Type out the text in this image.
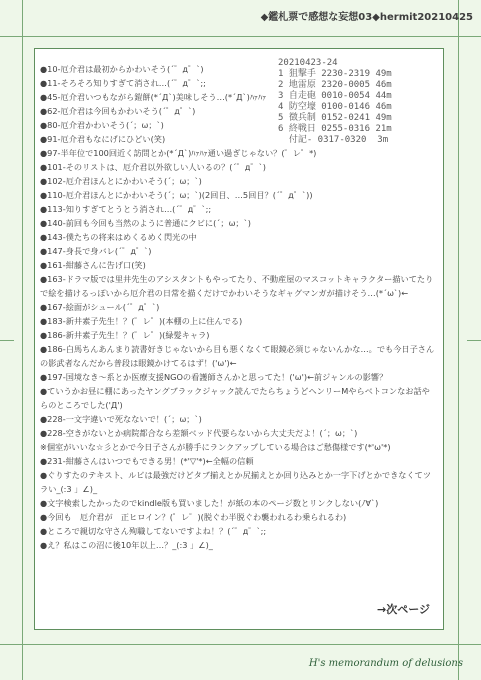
◆鑑札票で感想な妄想03◆hermit20210425
20210423-24
1 狙撃手 2230-2319 49m
2 地雷原 2320-0005 46m
3 自走砲 0010-0054 44m
4 防空壕 0100-0146 46m
5 徴兵制 0152-0241 49m
6 終戦日 0255-0316 21m
付記- 0317-0320  3m
●10-厄介君は最初からかわいそう(´゜д゜`)
●11-そろそろ知りすぎて消され…(´゜д゜`;;
●45-厄介君いつもながら鎧餅(*´Д`)美味しそう…(*´Д`)ﾊｧﾊｧ
●62-厄介君は今回もかわいそう(´゜д゜`)
●80-厄介君かわいそう(´；ω；`)
●91-厄介君もなにげにひどい(笑)
●97-半年位で100回近く訪問とか(*´Д`)ﾊｧﾊｧ通い過ぎじゃない？(゜レ゜*)
●101-そのリストは、厄介君以外欲しい人いるの？(´゜д゜`)
●102-厄介君ほんとにかわいそう(´；ω；`)
●110-厄介君ほんとにかわいそう(´；ω；`)(2回目、…5回目？(´゜д゜`))
●113-知りすぎてとうとう消され…(´゜д゜`;;
●140-前回も今回も当然のように普通にクビに(´；ω；`)
●143-僕たちの将来はめくるめく閃光の中
●147-身長で身バレ(´゜д゜`)
●161-紺藤さんに告げ口(笑)
●163-ドラマ版では里井先生のアシスタントもやってたり、不動産屋のマスコットキャラクター描いてたりで絵を描けるっぽいから厄介君の日常を描くだけでかわいそうなギャグマンガが描けそう…(*´ω`)←
●167-絵面がシュール(´゜д゜`)
●183-新井素子先生！？(゜レ゜)(本棚の上に住んでる)
●186-新井素子先生！？(゜レ゜)(緑髪キャラ)
●186-白馬ちんあんまり読書好きじゃないから目も悪くなくて眼鏡必須じゃないんかな…。でも今日子さんの影武者なんだから普段は眼鏡かけてるはず！('ω')←
●197-国境なき～系とか医療支援NGOの看護師さんかと思ってた！('ω')←前ジャンルの影響？
●ていうかお昼に棚にあったヤングブラックジャック読んでたらちょうどヘンリーMやらベトコンなお話やらのところでした('Д')
●228-一文字違いで死なないで！(´；ω；`)
●228-空きがないとか病院都合なら差額ベッド代要らないから大丈夫だよ！(´；ω；`)
※個室がいいな☆彡とかで今日子さんが勝手にランクアップしている場合はご愁傷様です(*'ω'*)
●231-紺藤さんはいつでもできる男！(*'▽'*)←全幅の信頼
●ぐりすたのテキスト、ルビは最強だけどタブ揃えとか尻揃えとか回り込みとか一字下げとかできなくてツラい_(:3 」∠)_
●文字検索したかったのでkindle版も買いました！が紙の本のページ数とリンクしない(ﾉ∀`)
●今回も　厄介君が　正ヒロイン？(゜レ゜)(脱ぐわ半脱ぐわ襲われるわ乗られるわ)
●ところで親切な守さん殉職してないですよね！？(´゜д゜`;;
●え？私はこの沼に後10年以上…？_(:3 」∠)_
→次ページ
H's memorandum of delusions
